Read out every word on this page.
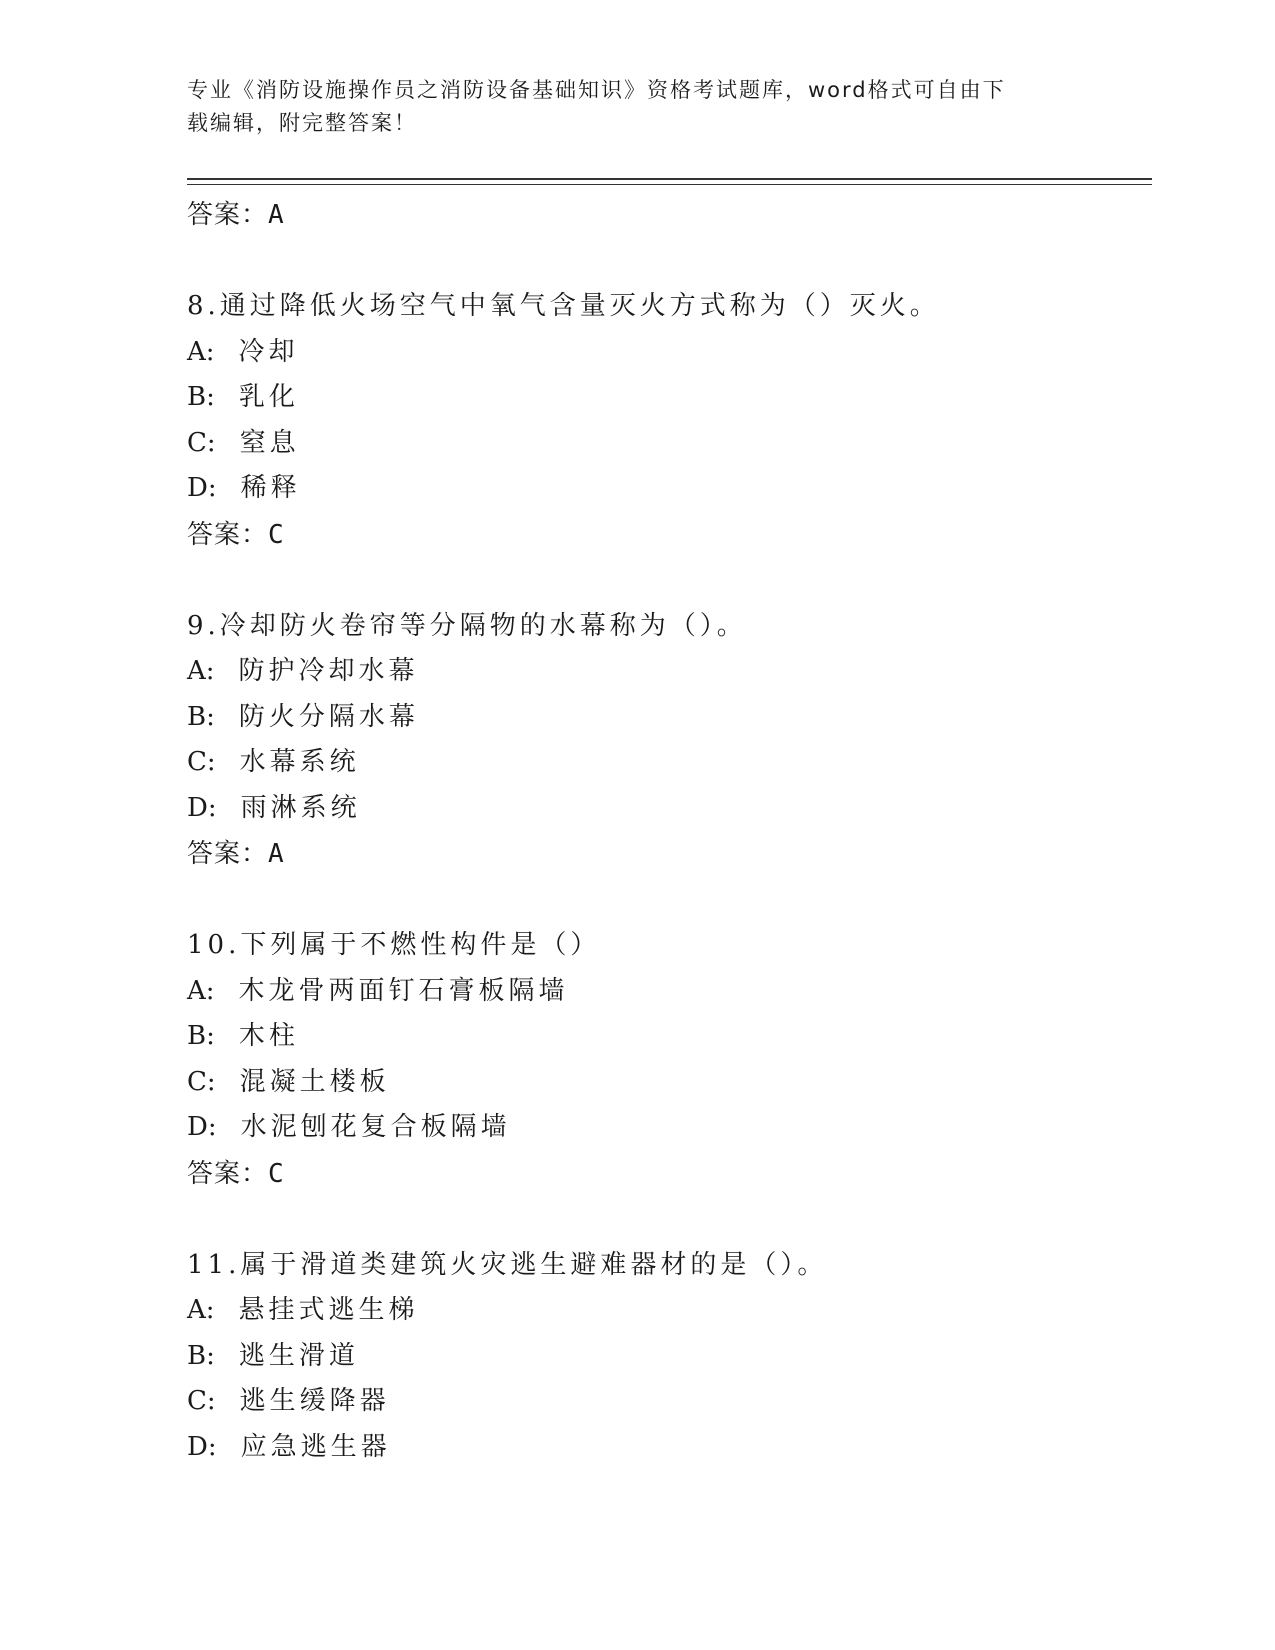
专业《消防设施操作员之消防设备基础知识》资格考试题库，word格式可自由下
载编辑，附完整答案！
答案：A
8.通过降低火场空气中氧气含量灭火方式称为（）灭火。
A: 冷却
B: 乳化
C: 窒息
D: 稀释
答案：C
9.冷却防火卷帘等分隔物的水幕称为（）。
A: 防护冷却水幕
B: 防火分隔水幕
C: 水幕系统
D: 雨淋系统
答案：A
10.下列属于不燃性构件是（）
A: 木龙骨两面钉石膏板隔墙
B: 木柱
C: 混凝土楼板
D: 水泥刨花复合板隔墙
答案：C
11.属于滑道类建筑火灾逃生避难器材的是（）。
A: 悬挂式逃生梯
B: 逃生滑道
C: 逃生缓降器
D: 应急逃生器
